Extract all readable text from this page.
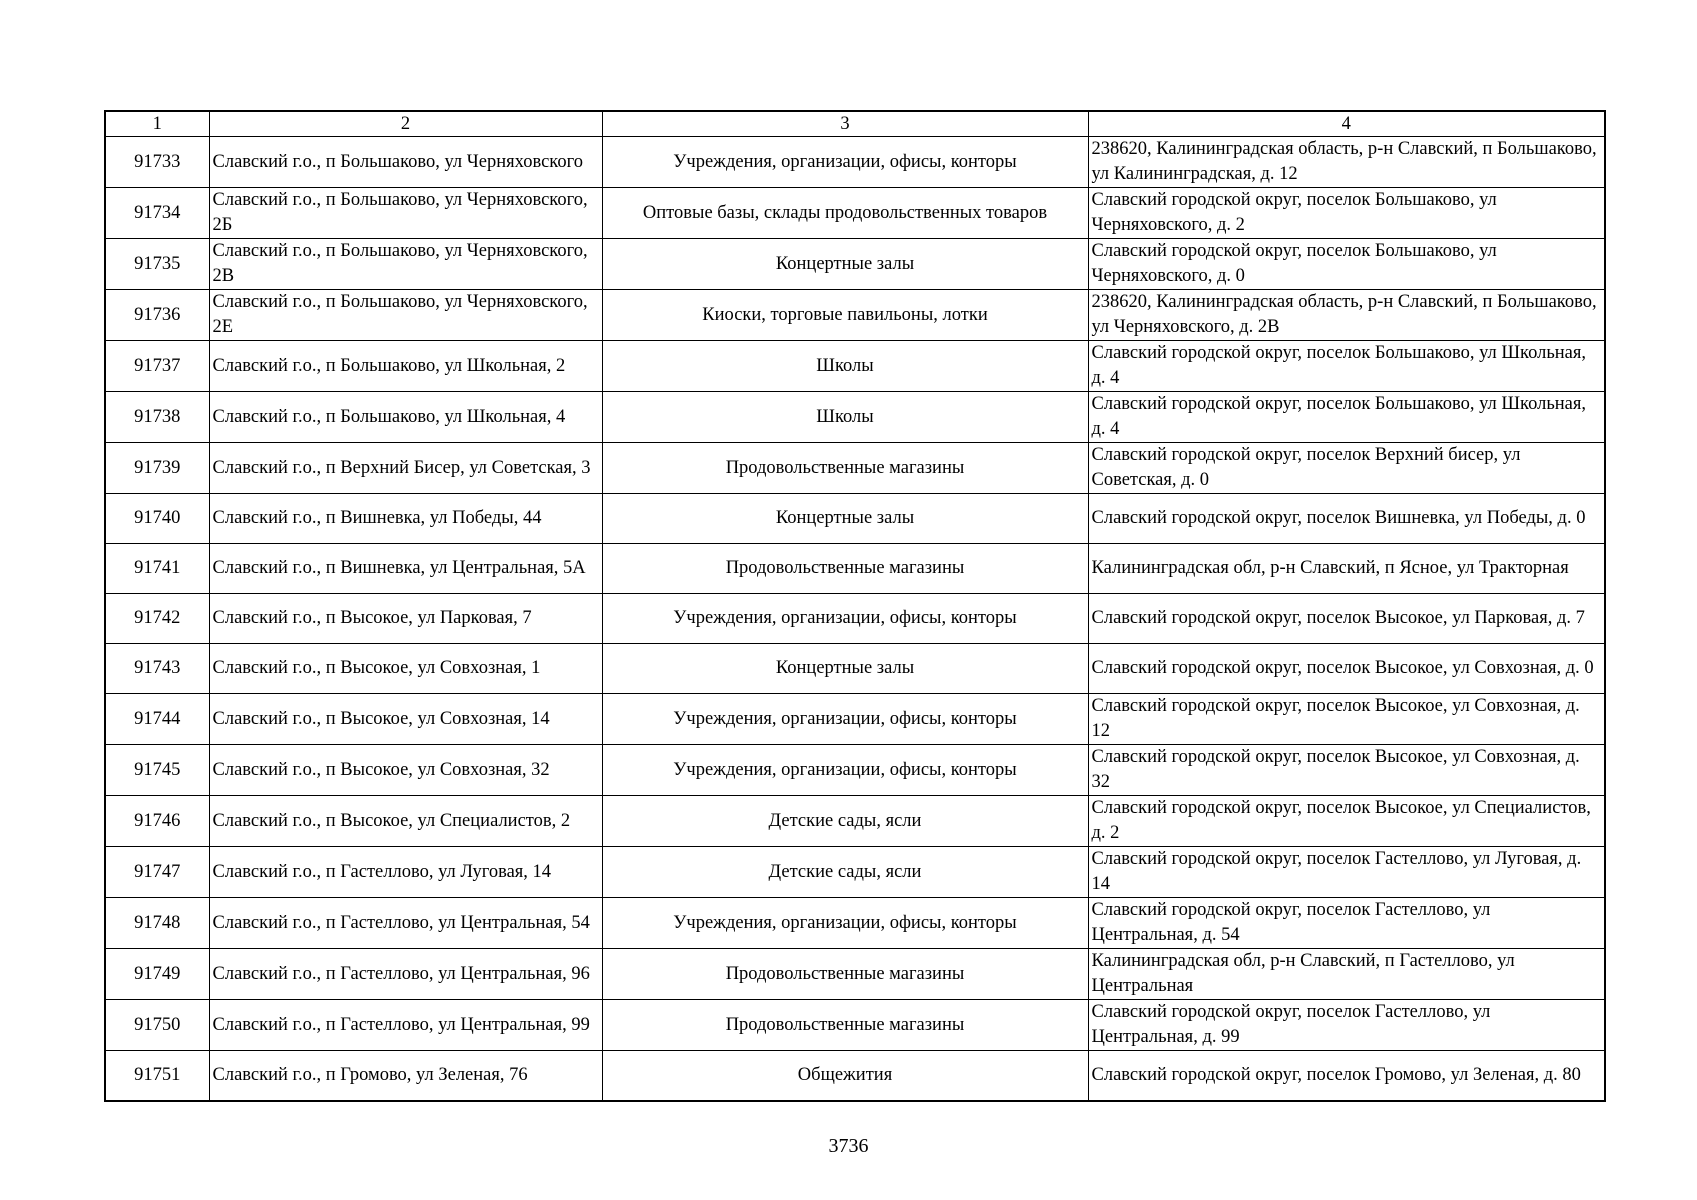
1	2	3	4
91733	Славский г.о., п Большаково, ул Черняховского	Учреждения, организации, офисы, конторы	238620, Калининградская область, р-н Славский, п Большаково, ул Калининградская, д. 12
91734	Славский г.о., п Большаково, ул Черняховского, 2Б	Оптовые базы, склады продовольственных товаров	Славский городской округ, поселок Большаково, ул Черняховского, д. 2
91735	Славский г.о., п Большаково, ул Черняховского, 2В	Концертные залы	Славский городской округ, поселок Большаково, ул Черняховского, д. 0
91736	Славский г.о., п Большаково, ул Черняховского, 2Е	Киоски, торговые павильоны, лотки	238620, Калининградская область, р-н Славский, п Большаково, ул Черняховского, д. 2В
91737	Славский г.о., п Большаково, ул Школьная, 2	Школы	Славский городской округ, поселок Большаково, ул Школьная, д. 4
91738	Славский г.о., п Большаково, ул Школьная, 4	Школы	Славский городской округ, поселок Большаково, ул Школьная, д. 4
91739	Славский г.о., п Верхний Бисер, ул Советская, 3	Продовольственные магазины	Славский городской округ, поселок Верхний бисер, ул Советская, д. 0
91740	Славский г.о., п Вишневка, ул Победы, 44	Концертные залы	Славский городской округ, поселок Вишневка, ул Победы, д. 0
91741	Славский г.о., п Вишневка, ул Центральная, 5А	Продовольственные магазины	Калининградская обл, р-н Славский, п Ясное, ул Тракторная
91742	Славский г.о., п Высокое, ул Парковая, 7	Учреждения, организации, офисы, конторы	Славский городской округ, поселок Высокое, ул Парковая, д. 7
91743	Славский г.о., п Высокое, ул Совхозная, 1	Концертные залы	Славский городской округ, поселок Высокое, ул Совхозная, д. 0
91744	Славский г.о., п Высокое, ул Совхозная, 14	Учреждения, организации, офисы, конторы	Славский городской округ, поселок Высокое, ул Совхозная, д. 12
91745	Славский г.о., п Высокое, ул Совхозная, 32	Учреждения, организации, офисы, конторы	Славский городской округ, поселок Высокое, ул Совхозная, д. 32
91746	Славский г.о., п Высокое, ул Специалистов, 2	Детские сады, ясли	Славский городской округ, поселок Высокое, ул Специалистов, д. 2
91747	Славский г.о., п Гастеллово, ул Луговая, 14	Детские сады, ясли	Славский городской округ, поселок Гастеллово, ул Луговая, д. 14
91748	Славский г.о., п Гастеллово, ул Центральная, 54	Учреждения, организации, офисы, конторы	Славский городской округ, поселок Гастеллово, ул Центральная, д. 54
91749	Славский г.о., п Гастеллово, ул Центральная, 96	Продовольственные магазины	Калининградская обл, р-н Славский, п Гастеллово, ул Центральная
91750	Славский г.о., п Гастеллово, ул Центральная, 99	Продовольственные магазины	Славский городской округ, поселок Гастеллово, ул Центральная, д. 99
91751	Славский г.о., п Громово, ул Зеленая, 76	Общежития	Славский городской округ, поселок Громово, ул Зеленая, д. 80
3736
